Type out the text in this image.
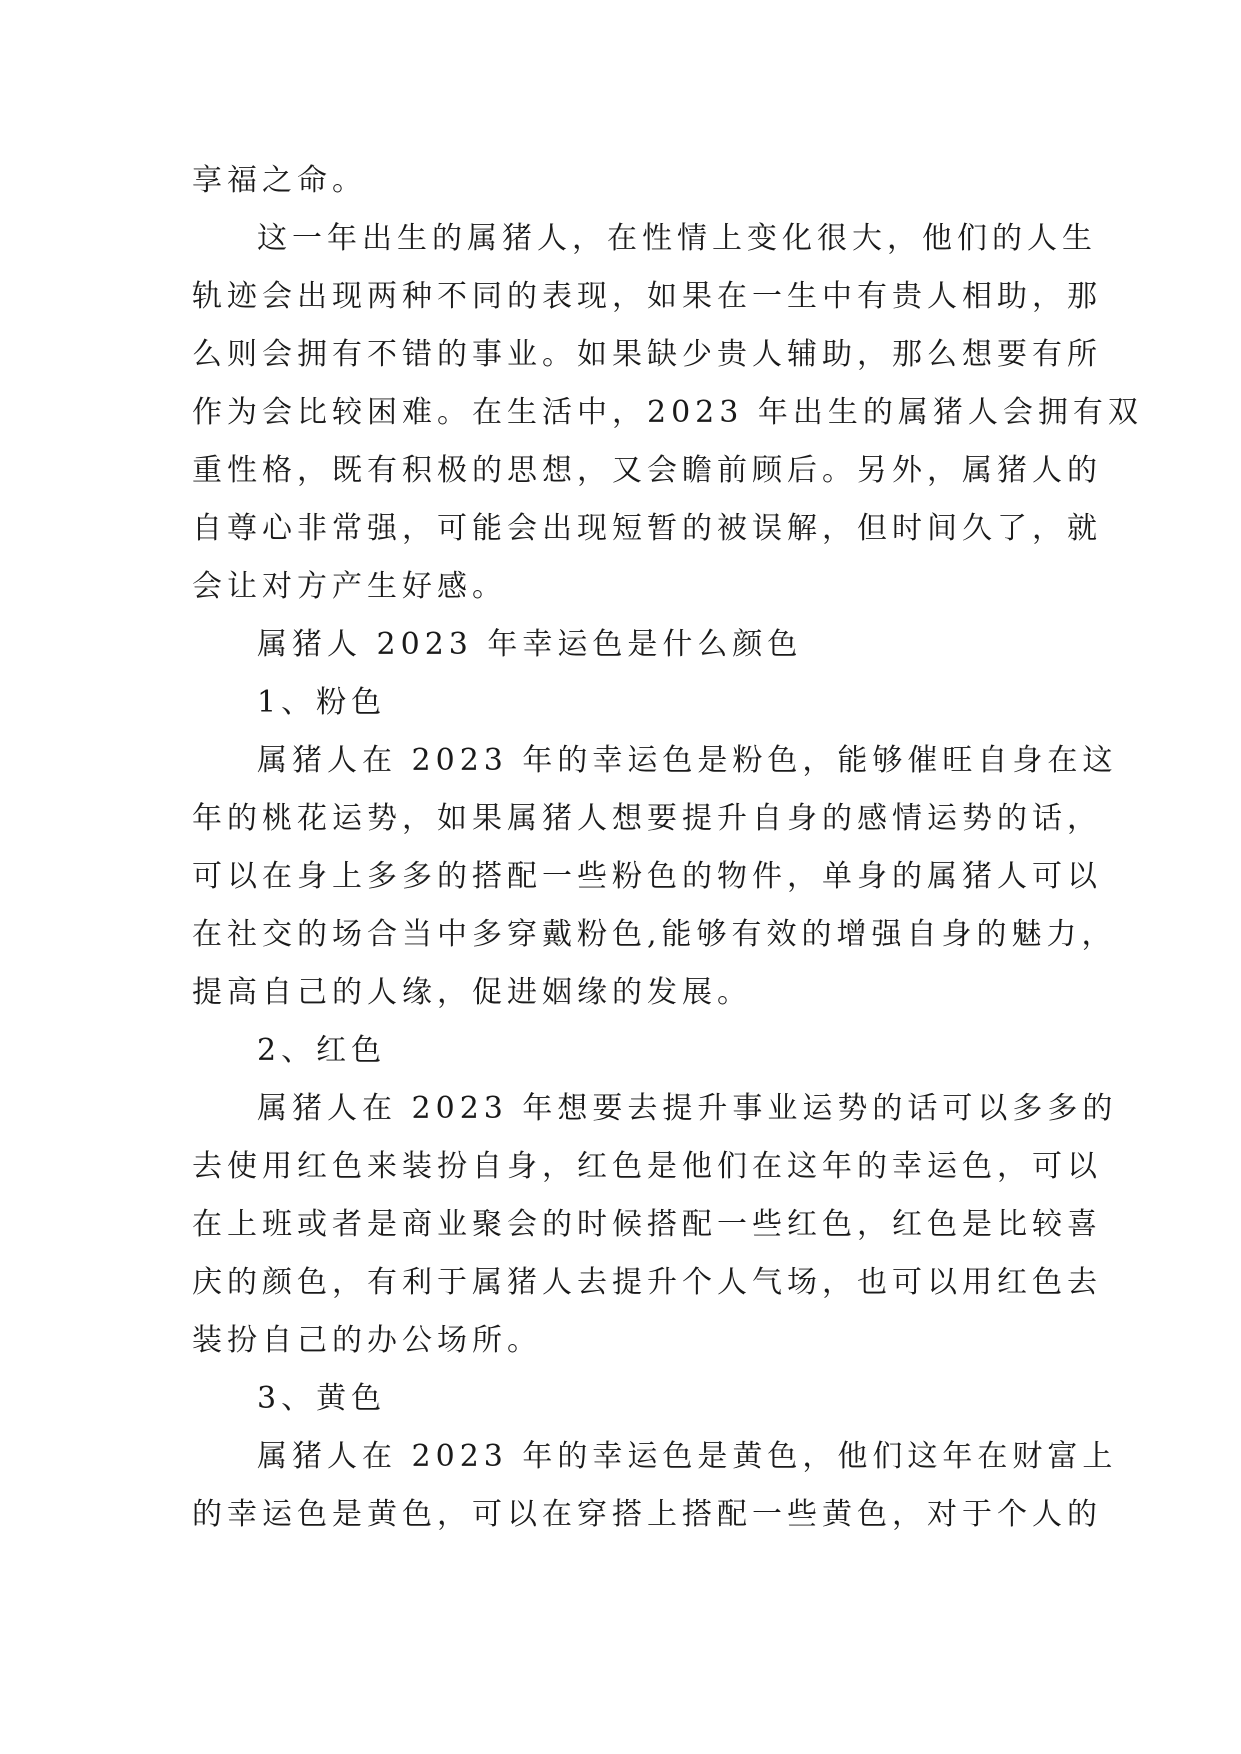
享福之命。

这一年出生的属猪人，在性情上变化很大，他们的人生

轨迹会出现两种不同的表现，如果在一生中有贵人相助，那

么则会拥有不错的事业。如果缺少贵人辅助，那么想要有所

作为会比较困难。在生活中，2023 年出生的属猪人会拥有双

重性格，既有积极的思想，又会瞻前顾后。另外，属猪人的

自尊心非常强，可能会出现短暂的被误解，但时间久了，就

会让对方产生好感。

属猪人 2023 年幸运色是什么颜色

1、粉色

属猪人在 2023 年的幸运色是粉色，能够催旺自身在这

年的桃花运势，如果属猪人想要提升自身的感情运势的话，

可以在身上多多的搭配一些粉色的物件，单身的属猪人可以

在社交的场合当中多穿戴粉色,能够有效的增强自身的魅力，

提高自己的人缘，促进姻缘的发展。

2、红色

属猪人在 2023 年想要去提升事业运势的话可以多多的

去使用红色来装扮自身，红色是他们在这年的幸运色，可以

在上班或者是商业聚会的时候搭配一些红色，红色是比较喜

庆的颜色，有利于属猪人去提升个人气场，也可以用红色去

装扮自己的办公场所。

3、黄色

属猪人在 2023 年的幸运色是黄色，他们这年在财富上

的幸运色是黄色，可以在穿搭上搭配一些黄色，对于个人的
